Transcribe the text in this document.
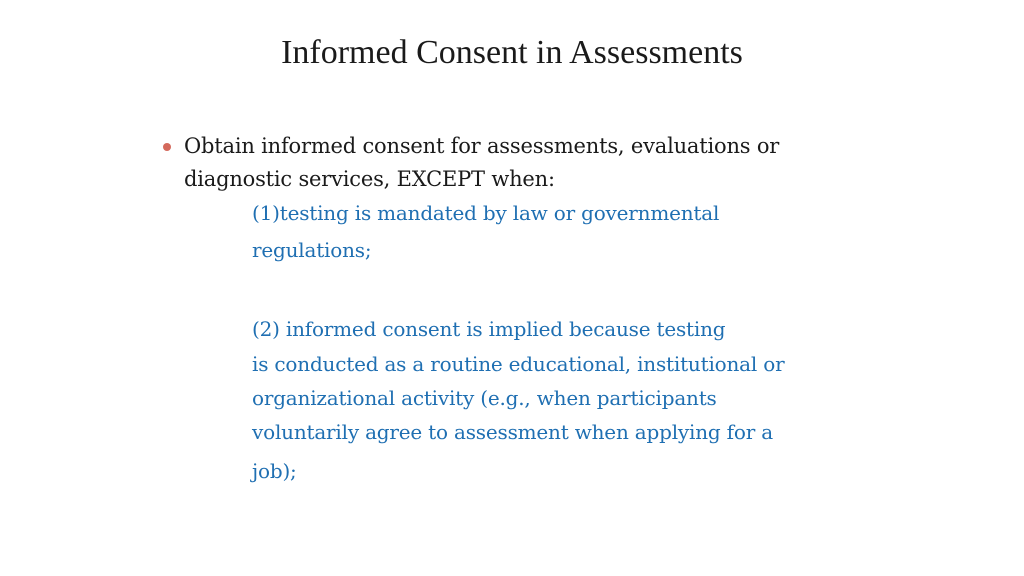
Informed Consent in Assessments
Obtain informed consent for assessments, evaluations or
diagnostic services, EXCEPT when:
(1)testing is mandated by law or governmental
regulations;
(2) informed consent is implied because testing
is conducted as a routine educational, institutional or
organizational activity (e.g., when participants
voluntarily agree to assessment when applying for a
job);
